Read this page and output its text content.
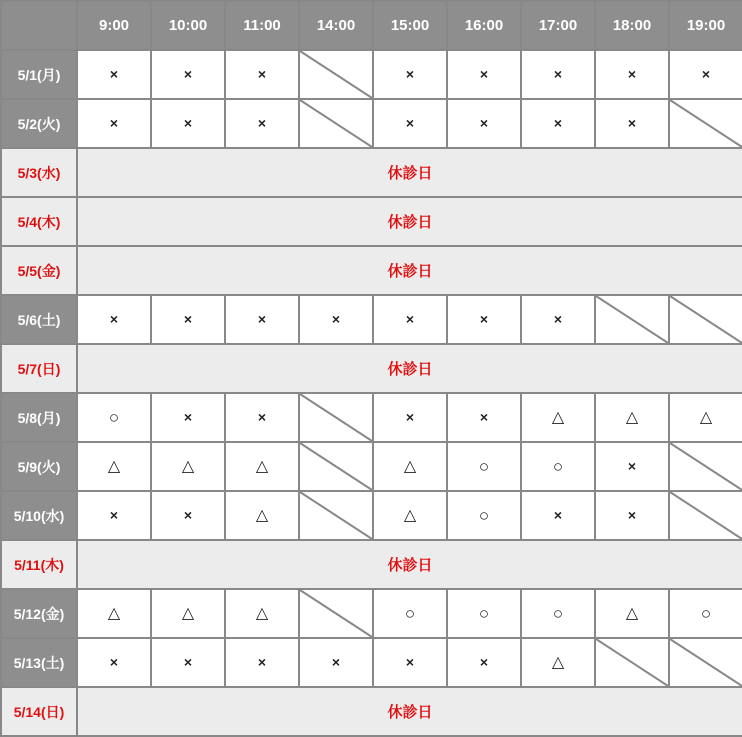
	9:00	10:00	11:00	14:00	15:00	16:00	17:00	18:00	19:00
5/1(月)	×	×	×		×	×	×	×	×
5/2(火)	×	×	×		×	×	×	×	

5/3(水)	休診日								
5/4(木)	休診日								
5/5(金)	休診日								
5/6(土)	×	×	×	×	×	×	×	

5/7(日)	休診日								
5/8(月)	○	×	×		×	×	△	△	△
5/9(火)	△	△	△		△	○	○	×	

5/10(水)	×	×	△		△	○	×	×	

5/11(木)	休診日								
5/12(金)	△	△	△		○	○	○	△	○
5/13(土)	×	×	×	×	×	×	△	

5/14(日)	休診日								
